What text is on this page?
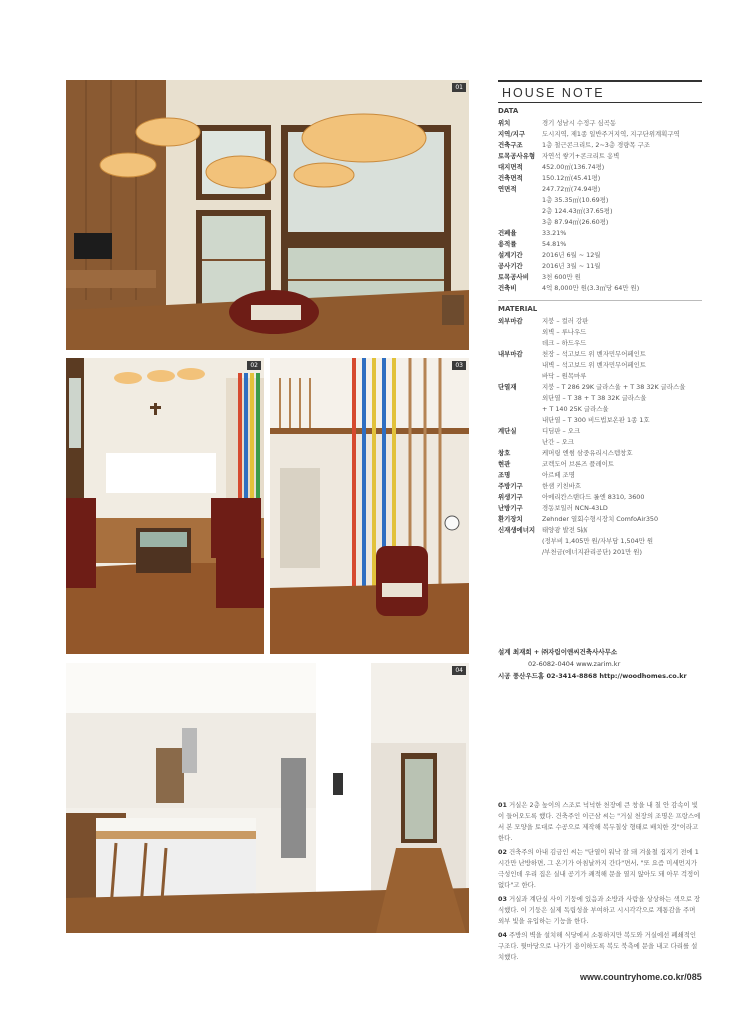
01
02	03
04
HOUSE NOTE
DATA
위치	경기 성남시 수정구 심곡동
지역/지구	도시지역, 제1종 일반주거지역, 지구단위계획구역
건축구조	1층 철근콘크리트, 2~3층 경량목 구조
토목공사유형	자연석 쌓기+콘크리트 옹벽
대지면적	452.00㎡(136.74평)
건축면적	150.12㎡(45.41평)
연면적	247.72㎡(74.94평)
1층 35.35㎡(10.69평)
2층 124.43㎡(37.65평)
3층 87.94㎡(26.60평)
건폐율	33.21%
용적률	54.81%
설계기간	2016년 6월 ~ 12월
공사기간	2016년 3월 ~ 11월
토목공사비	3천 600만 원
건축비	4억 8,000만 원(3.3㎡당 64만 원)
MATERIAL
외부마감	지붕 – 컬러 강판
외벽 – 루나우드
데크 – 하드우드
내부마감	천장 – 석고보드 위 벤자민무어페인트
내벽 – 석고보드 위 벤자민무어페인트
바닥 – 원목마루
단열재	지붕 – T 286 29K 글라스울 + T 38 32K 글라스울
외단열 – T 38 + T 38 32K 글라스울
+ T 140 25K 글라스울
내단열 – T 300 비드법보온판 1종 1호
계단실	디딤판 – 오크
난간 – 오크
창호	케머링 엔썸 삼중유리시스템창호
현관	코렉도어 브론즈 플레이트
조명	아르떼 조명
주방기구	한샘 키친바흐
위생기구	아메리칸스탠다드 롤엔 8310, 3600
난방기구	경동보일러 NCN-43LD
환기장치	Zehnder 열회수형시장치 ComfoAir350
신재생에너지	태양광 발전 5㎾
(정부비 1,405만 원/자부담 1,504만 원
/부천금(에너지관리공단) 201만 원)
설계 최재희 + ㈜자림이앤씨건축사사무소
02-6082-0404 www.zarim.kr
시공 풍산우드홈 02-3414-8868 http://woodhomes.co.kr

01 거실은 2층 높이의 스조로 넉넉한 천장에 큰 창을 내 칠 안 감속이 빛이 들어오도록 했다. 건축주인 이근삼 씨는 "거실 천장의 조명은 프랑스에서 본 모양을 토대로 수공으로 제작해 복두칠상 형태로 배치한 것"이라고 한다.

02 건축주의 아내 김금인 씨는 "단열이 워낙 잘 돼 겨울철 집지기 전에 1시간만 난방하면, 그 온기가 아침날까지 간다"면서, "또 요즘 미세먼지가 극성인데 우리 집은 실내 공기가 쾌적해 문을 열지 않아도 돼 아무 걱정이 없다"고 한다.

03 거실과 계단실 사이 기둥에 있음과 소방과 사람을 상상하는 색으로 장식했다. 이 기둥은 실제 독립성을 부여하고 시시각각으로 계통감을 주며 외부 빛을 유입하는 기능을 한다.

04 주방의 벽을 설치해 식당에서 소통하지만 복도와 거실에선 폐쇄적인 구조다. 뒷마당으로 나가기 용이하도록 복도 북측에 문을 내고 다리를 설치했다.

www.countryhome.co.kr/085
